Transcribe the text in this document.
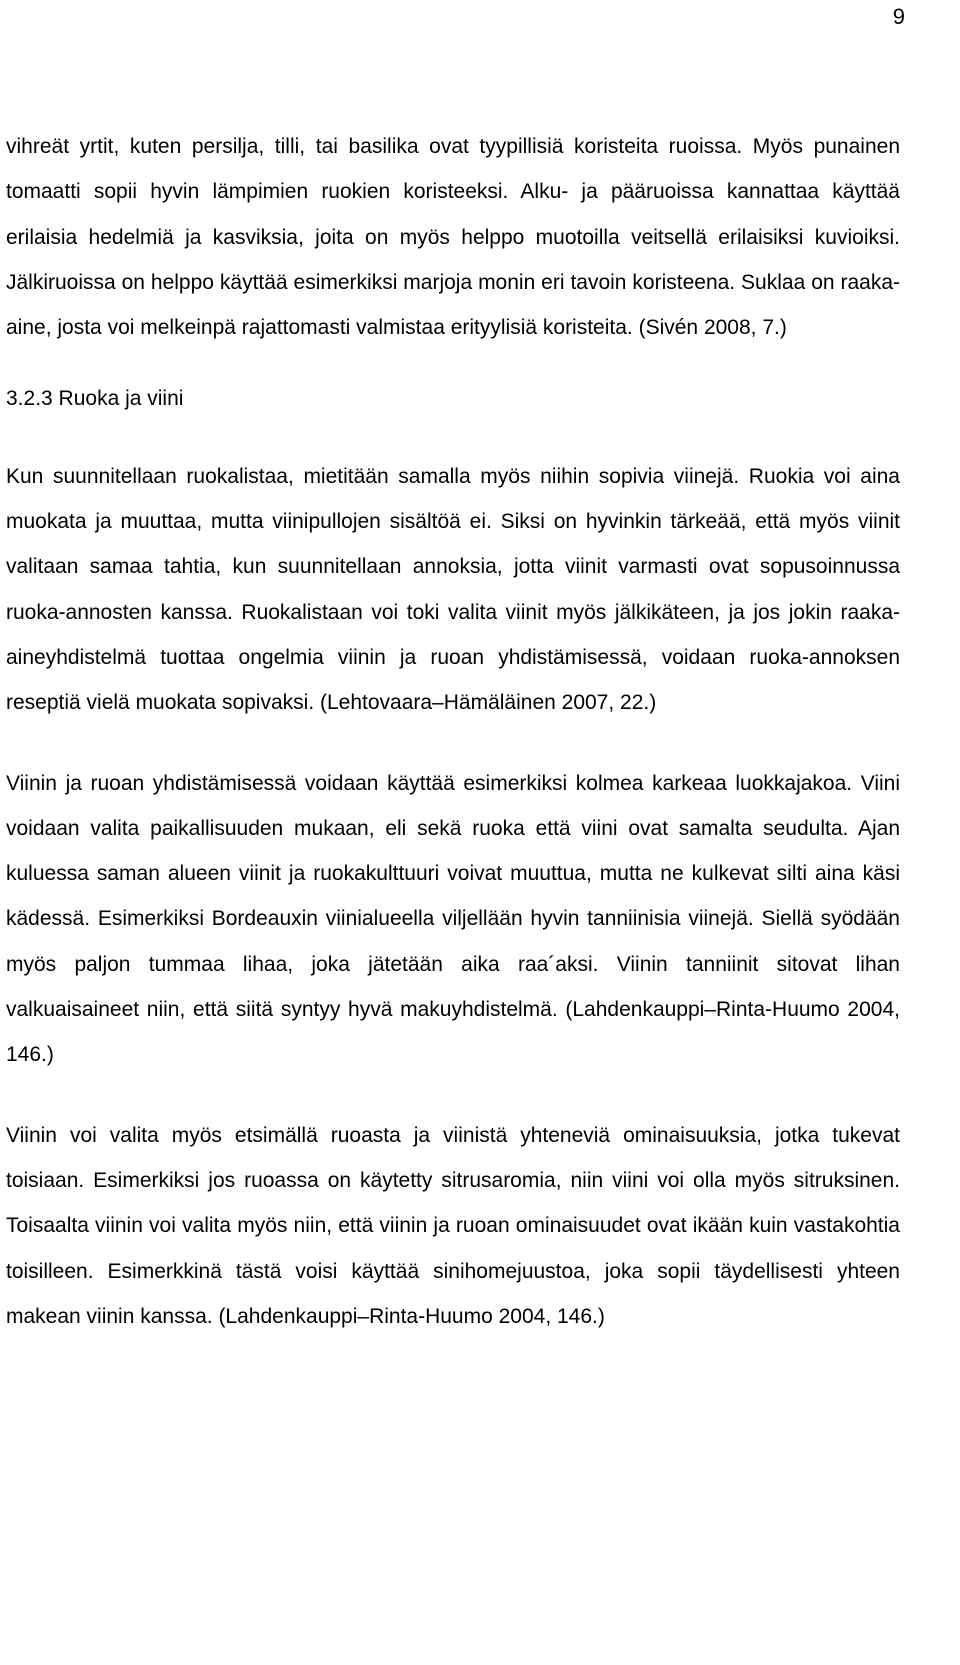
9

vihreät yrtit, kuten persilja, tilli, tai basilika ovat tyypillisiä koristeita ruoissa. Myös punainen tomaatti sopii hyvin lämpimien ruokien koristeeksi. Alku- ja pääruoissa kannattaa käyttää erilaisia hedelmiä ja kasviksia, joita on myös helppo muotoilla veitsellä erilaisiksi kuvioiksi. Jälkiruoissa on helppo käyttää esimerkiksi marjoja monin eri tavoin koristeena. Suklaa on raaka-aine, josta voi melkeinpä rajattomasti valmistaa erityylisiä koristeita. (Sivén 2008, 7.)

3.2.3 Ruoka ja viini

Kun suunnitellaan ruokalistaa, mietitään samalla myös niihin sopivia viinejä. Ruokia voi aina muokata ja muuttaa, mutta viinipullojen sisältöä ei. Siksi on hyvinkin tärkeää, että myös viinit valitaan samaa tahtia, kun suunnitellaan annoksia, jotta viinit varmasti ovat sopusoinnussa ruoka-annosten kanssa. Ruokalistaan voi toki valita viinit myös jälkikäteen, ja jos jokin raaka-aineyhdistelmä tuottaa ongelmia viinin ja ruoan yhdistämisessä, voidaan ruoka-annoksen reseptiä vielä muokata sopivaksi. (Lehtovaara–Hämäläinen 2007, 22.)

Viinin ja ruoan yhdistämisessä voidaan käyttää esimerkiksi kolmea karkeaa luokkajakoa. Viini voidaan valita paikallisuuden mukaan, eli sekä ruoka että viini ovat samalta seudulta. Ajan kuluessa saman alueen viinit ja ruokakulttuuri voivat muuttua, mutta ne kulkevat silti aina käsi kädessä. Esimerkiksi Bordeauxin viinialueella viljellään hyvin tanniinisia viinejä. Siellä syödään myös paljon tummaa lihaa, joka jätetään aika raa´aksi. Viinin tanniinit sitovat lihan valkuaisaineet niin, että siitä syntyy hyvä makuyhdistelmä. (Lahdenkauppi–Rinta-Huumo 2004, 146.)

Viinin voi valita myös etsimällä ruoasta ja viinistä yhteneviä ominaisuuksia, jotka tukevat toisiaan. Esimerkiksi jos ruoassa on käytetty sitrusaromia, niin viini voi olla myös sitruksinen. Toisaalta viinin voi valita myös niin, että viinin ja ruoan ominaisuudet ovat ikään kuin vastakohtia toisilleen. Esimerkkinä tästä voisi käyttää sinihomejuustoa, joka sopii täydellisesti yhteen makean viinin kanssa. (Lahdenkauppi–Rinta-Huumo 2004, 146.)
